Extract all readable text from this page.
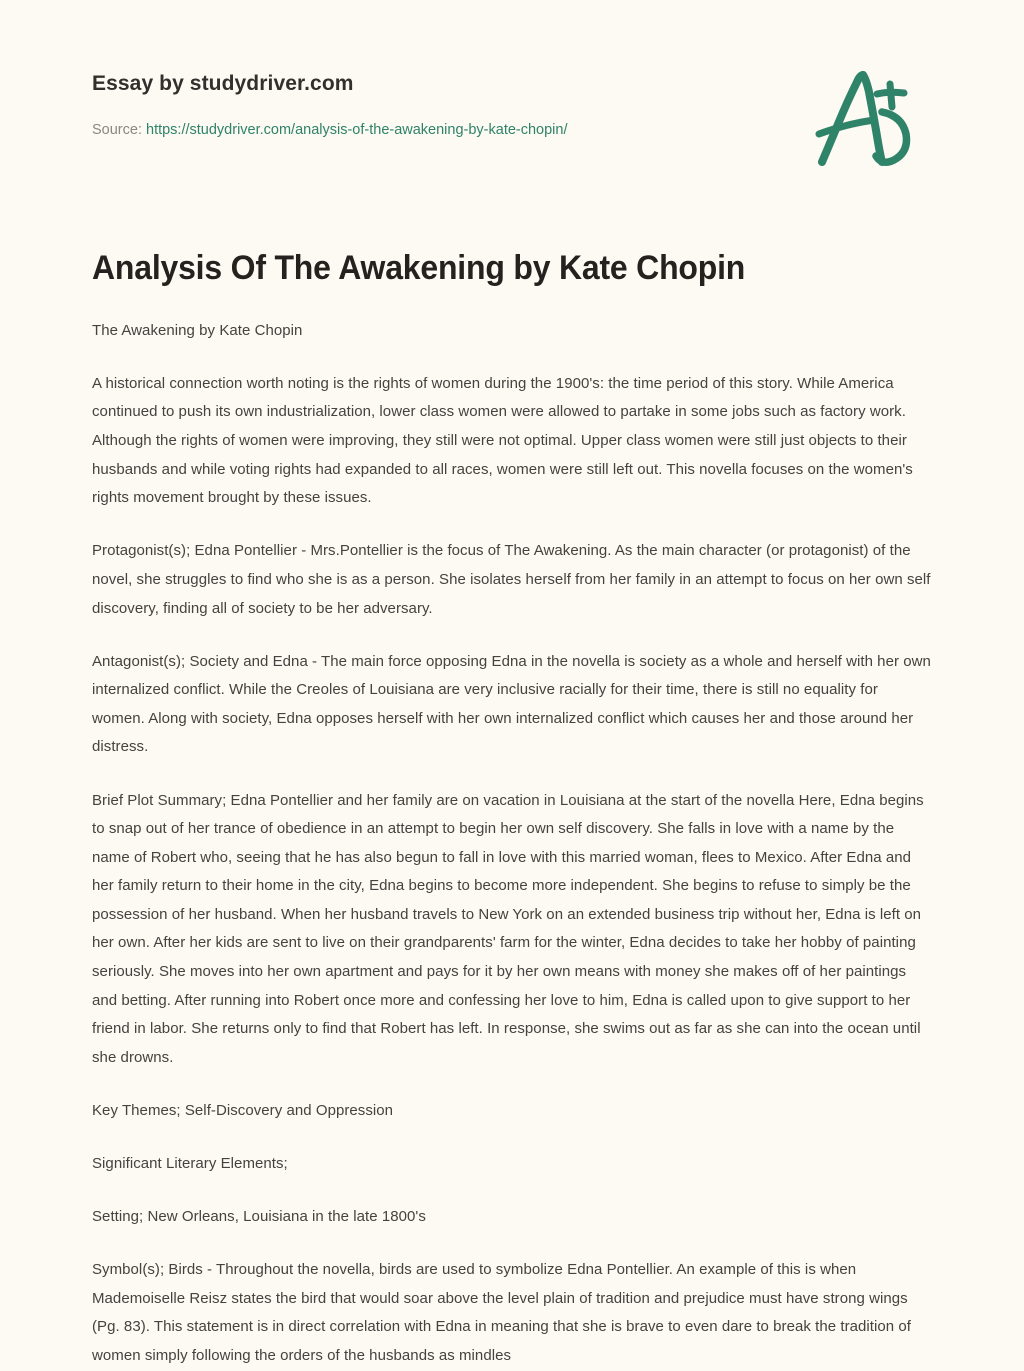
Essay by studydriver.com
Source: https://studydriver.com/analysis-of-the-awakening-by-kate-chopin/
Analysis Of The Awakening by Kate Chopin

The Awakening by Kate Chopin

A historical connection worth noting is the rights of women during the 1900's: the time period of this story. While America continued to push its own industrialization, lower class women were allowed to partake in some jobs such as factory work. Although the rights of women were improving, they still were not optimal. Upper class women were still just objects to their husbands and while voting rights had expanded to all races, women were still left out. This novella focuses on the women's rights movement brought by these issues.

Protagonist(s); Edna Pontellier - Mrs.Pontellier is the focus of The Awakening. As the main character (or protagonist) of the novel, she struggles to find who she is as a person. She isolates herself from her family in an attempt to focus on her own self discovery, finding all of society to be her adversary.

Antagonist(s); Society and Edna - The main force opposing Edna in the novella is society as a whole and herself with her own internalized conflict. While the Creoles of Louisiana are very inclusive racially for their time, there is still no equality for women. Along with society, Edna opposes herself with her own internalized conflict which causes her and those around her distress.

Brief Plot Summary; Edna Pontellier and her family are on vacation in Louisiana at the start of the novella Here, Edna begins to snap out of her trance of obedience in an attempt to begin her own self discovery. She falls in love with a name by the name of Robert who, seeing that he has also begun to fall in love with this married woman, flees to Mexico. After Edna and her family return to their home in the city, Edna begins to become more independent. She begins to refuse to simply be the possession of her husband. When her husband travels to New York on an extended business trip without her, Edna is left on her own. After her kids are sent to live on their grandparents' farm for the winter, Edna decides to take her hobby of painting seriously. She moves into her own apartment and pays for it by her own means with money she makes off of her paintings and betting. After running into Robert once more and confessing her love to him, Edna is called upon to give support to her friend in labor. She returns only to find that Robert has left. In response, she swims out as far as she can into the ocean until she drowns.

Key Themes; Self-Discovery and Oppression

Significant Literary Elements;

Setting; New Orleans, Louisiana in the late 1800's

Symbol(s); Birds - Throughout the novella, birds are used to symbolize Edna Pontellier. An example of this is when Mademoiselle Reisz states the bird that would soar above the level plain of tradition and prejudice must have strong wings (Pg. 83). This statement is in direct correlation with Edna in meaning that she is brave to even dare to break the tradition of women simply following the orders of the husbands as mindles
